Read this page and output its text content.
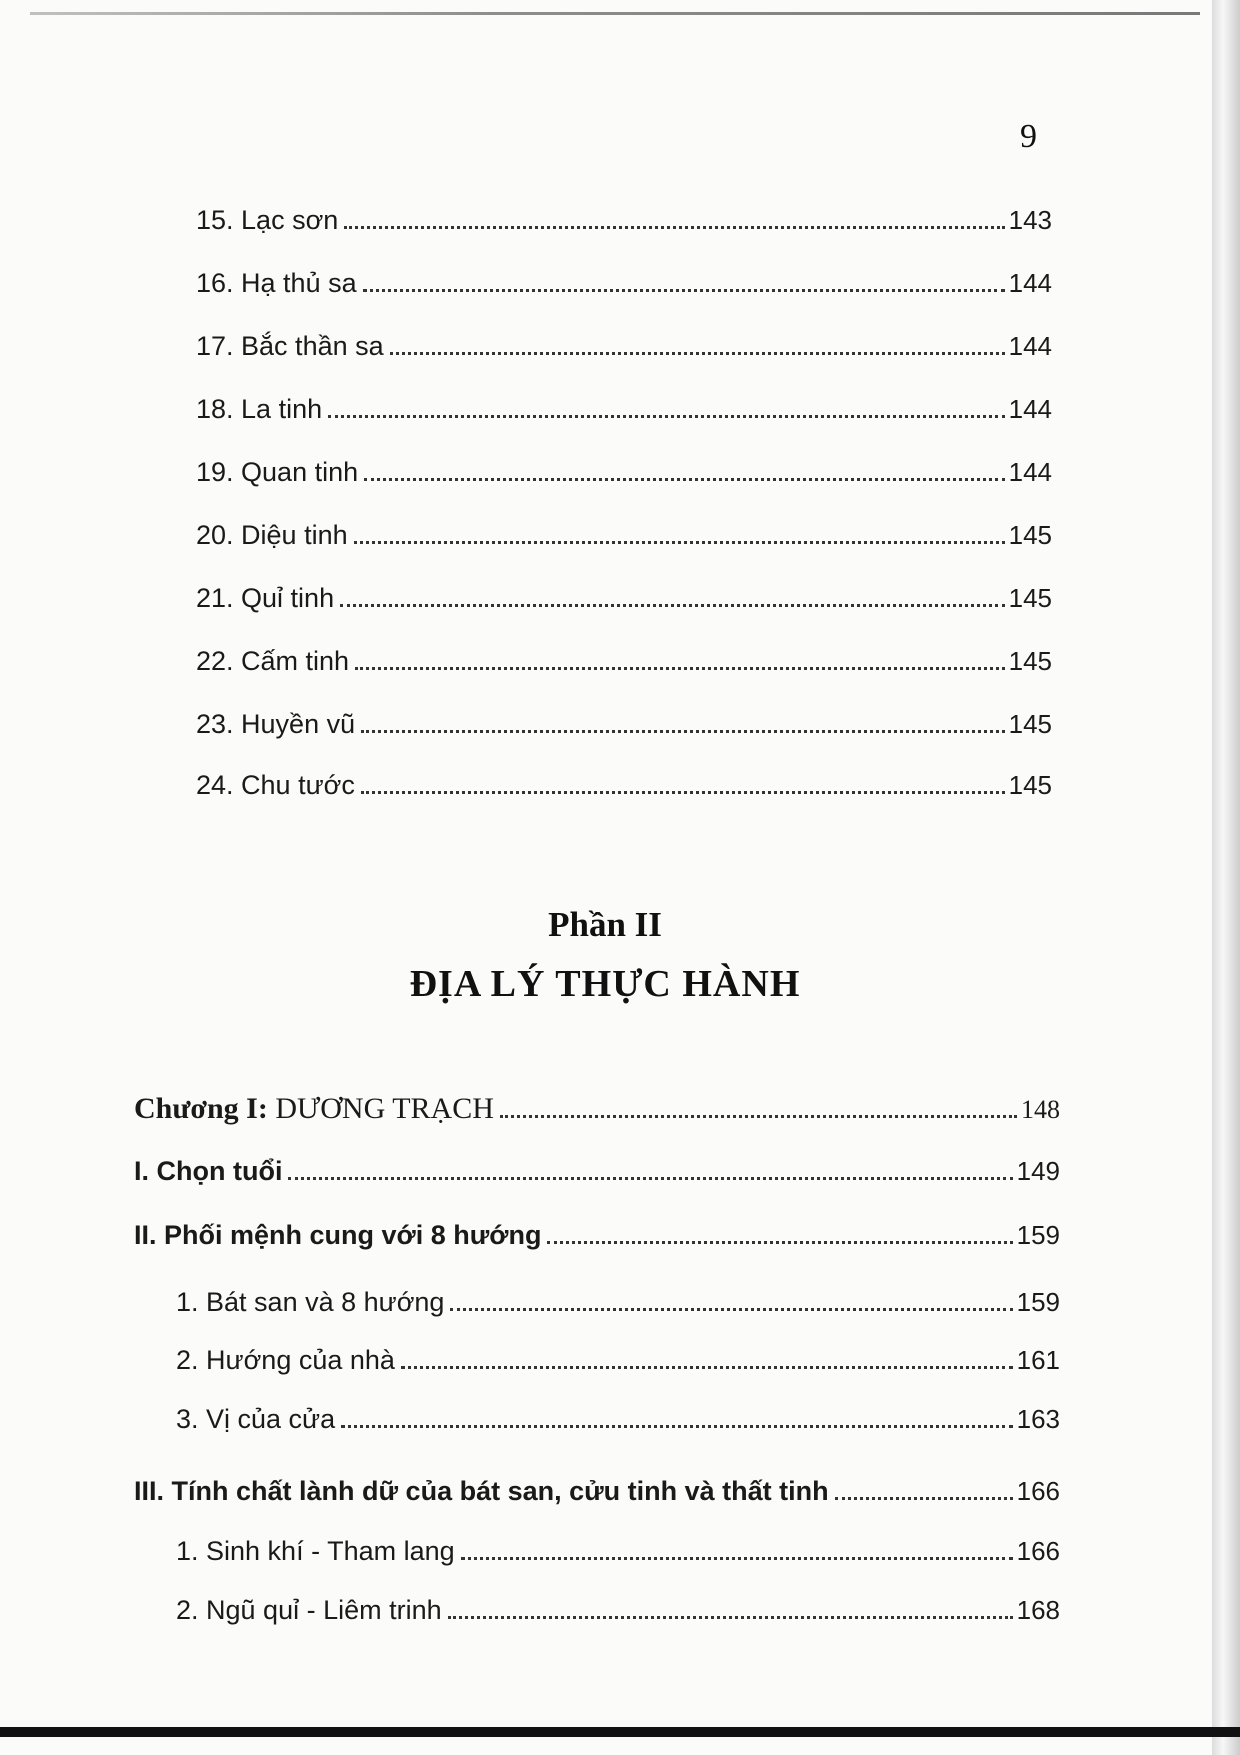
9
15. Lạc sơn	143
16. Hạ thủ sa	144
17. Bắc thần sa	144
18. La tinh	144
19. Quan tinh	144
20. Diệu tinh	145
21. Quỉ tinh	145
22. Cấm tinh	145
23. Huyền vũ	145
24. Chu tước	145
Phần II
ĐỊA LÝ THỰC HÀNH
Chương I: DƯƠNG TRẠCH	148
I. Chọn tuổi	149
II. Phối mệnh cung với 8 hướng	159
1. Bát san và 8 hướng	159
2. Hướng của nhà	161
3. Vị của cửa	163
III. Tính chất lành dữ của bát san, cửu tinh và thất tinh	166
1. Sinh khí - Tham lang	166
2. Ngũ quỉ - Liêm trinh	168
